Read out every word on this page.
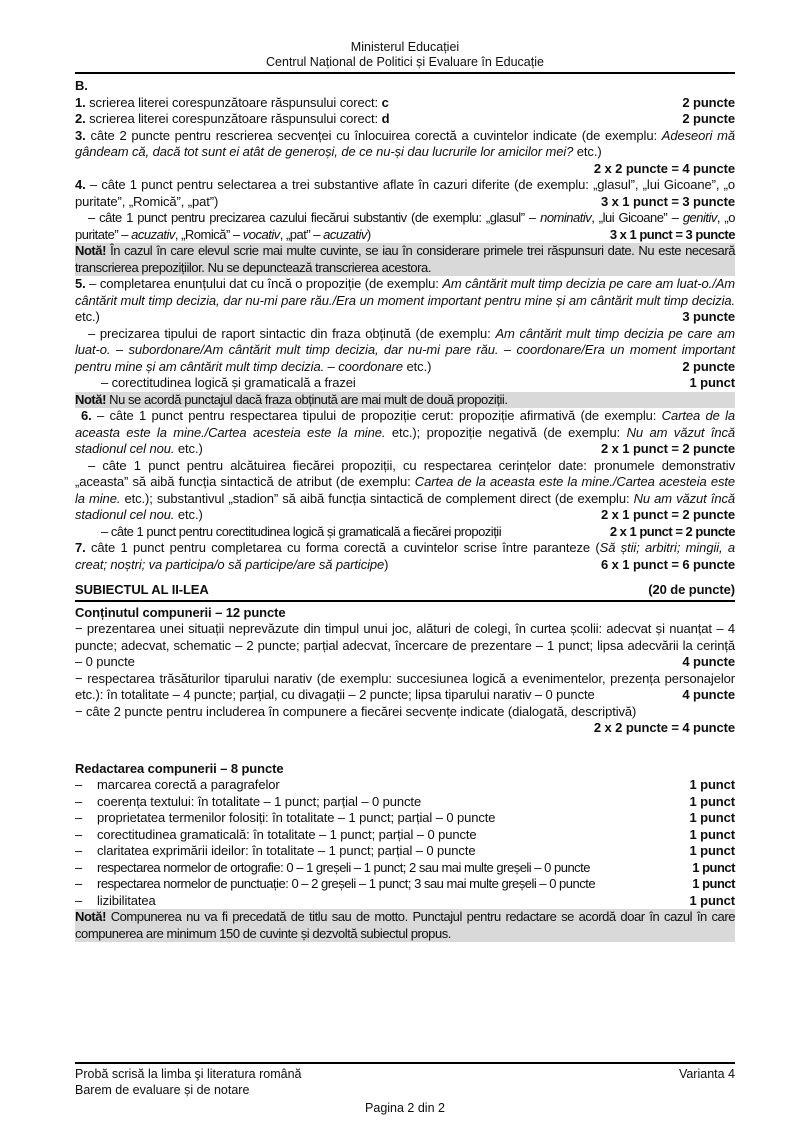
Ministerul Educației
Centrul Național de Politici și Evaluare în Educație

B.

1. scrierea literei corespunzătoare răspunsului corect: c	2 puncte

2. scrierea literei corespunzătoare răspunsului corect: d	2 puncte

3. câte 2 puncte pentru rescrierea secvenței cu înlocuirea corectă a cuvintelor indicate (de exemplu: Adeseori mă gândeam că, dacă tot sunt ei atât de generoși, de ce nu-și dau lucrurile lor amicilor mei? etc.)
2 x 2 puncte = 4 puncte

4. – câte 1 punct pentru selectarea a trei substantive aflate în cazuri diferite (de exemplu: „glasul”, „lui Gicoane”, „o puritate”, „Romică”, „pat”)	3 x 1 punct = 3 puncte

– câte 1 punct pentru precizarea cazului fiecărui substantiv (de exemplu: „glasul” – nominativ, „lui Gicoane” – genitiv, „o puritate” – acuzativ, „Romică” – vocativ, „pat” – acuzativ)	3 x 1 punct = 3 puncte

Notă! În cazul în care elevul scrie mai multe cuvinte, se iau în considerare primele trei răspunsuri date. Nu este necesară transcrierea prepozițiilor. Nu se depunctează transcrierea acestora.

5. – completarea enunțului dat cu încă o propoziție (de exemplu: Am cântărit mult timp decizia pe care am luat-o./Am cântărit mult timp decizia, dar nu-mi pare rău./Era un moment important pentru mine și am cântărit mult timp decizia. etc.)	3 puncte

– precizarea tipului de raport sintactic din fraza obținută (de exemplu: Am cântărit mult timp decizia pe care am luat-o. – subordonare/Am cântărit mult timp decizia, dar nu-mi pare rău. – coordonare/Era un moment important pentru mine și am cântărit mult timp decizia. – coordonare etc.)	2 puncte

– corectitudinea logică și gramaticală a frazei	1 punct

Notă! Nu se acordă punctajul dacă fraza obținută are mai mult de două propoziții.

6. – câte 1 punct pentru respectarea tipului de propoziție cerut: propoziție afirmativă (de exemplu: Cartea de la aceasta este la mine./Cartea acesteia este la mine. etc.); propoziție negativă (de exemplu: Nu am văzut încă stadionul cel nou. etc.)	2 x 1 punct = 2 puncte

– câte 1 punct pentru alcătuirea fiecărei propoziții, cu respectarea cerințelor date: pronumele demonstrativ „aceasta” să aibă funcția sintactică de atribut (de exemplu: Cartea de la aceasta este la mine./Cartea acesteia este la mine. etc.); substantivul „stadion” să aibă funcția sintactică de complement direct (de exemplu: Nu am văzut încă stadionul cel nou. etc.)	2 x 1 punct = 2 puncte

– câte 1 punct pentru corectitudinea logică și gramaticală a fiecărei propoziții	2 x 1 punct = 2 puncte

7. câte 1 punct pentru completarea cu forma corectă a cuvintelor scrise între paranteze (Să știi; arbitri; mingii, a creat; noștri; va participa/o să participe/are să participe)	6 x 1 punct = 6 puncte

SUBIECTUL AL II-LEA	(20 de puncte)

Conținutul compunerii – 12 puncte

− prezentarea unei situații neprevăzute din timpul unui joc, alături de colegi, în curtea școlii: adecvat și nuanțat – 4 puncte; adecvat, schematic – 2 puncte; parțial adecvat, încercare de prezentare – 1 punct; lipsa adecvării la cerință – 0 puncte	4 puncte

− respectarea trăsăturilor tiparului narativ (de exemplu: succesiunea logică a evenimentelor, prezența personajelor etc.): în totalitate – 4 puncte; parțial, cu divagații – 2 puncte; lipsa tiparului narativ – 0 puncte	4 puncte

− câte 2 puncte pentru includerea în compunere a fiecărei secvențe indicate (dialogată, descriptivă)
2 x 2 puncte = 4 puncte

Redactarea compunerii – 8 puncte

–	marcarea corectă a paragrafelor	1 punct
–	coerența textului: în totalitate – 1 punct; parțial – 0 puncte	1 punct
–	proprietatea termenilor folosiți: în totalitate – 1 punct; parțial – 0 puncte	1 punct
–	corectitudinea gramaticală: în totalitate – 1 punct; parțial – 0 puncte	1 punct
–	claritatea exprimării ideilor: în totalitate – 1 punct; parțial – 0 puncte	1 punct
–	respectarea normelor de ortografie: 0 – 1 greșeli – 1 punct; 2 sau mai multe greșeli – 0 puncte	1 punct
–	respectarea normelor de punctuație: 0 – 2 greșeli – 1 punct; 3 sau mai multe greșeli – 0 puncte	1 punct
–	lizibilitatea	1 punct

Notă! Compunerea nu va fi precedată de titlu sau de motto. Punctajul pentru redactare se acordă doar în cazul în care compunerea are minimum 150 de cuvinte și dezvoltă subiectul propus.

Probă scrisă la limba şi literatura română	Varianta 4
Barem de evaluare și de notare
Pagina 2 din 2
